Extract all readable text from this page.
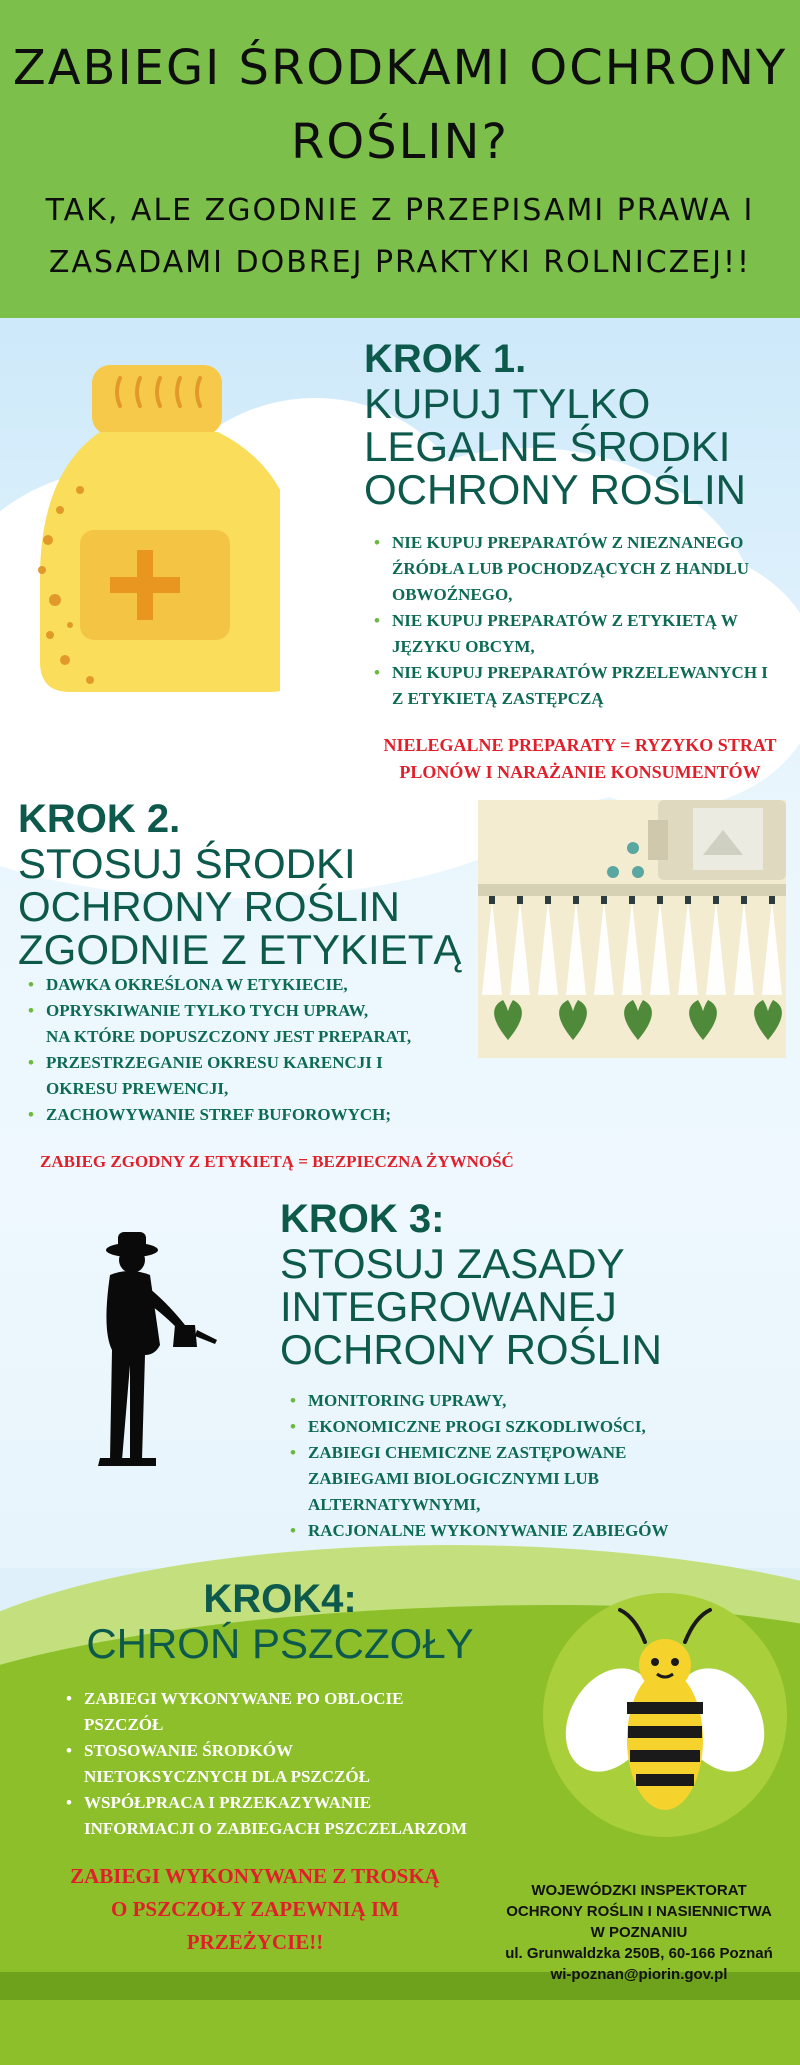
ZABIEGI ŚRODKAMI OCHRONY
ROŚLIN?
TAK, ALE ZGODNIE Z PRZEPISAMI PRAWA I
ZASADAMI DOBREJ PRAKTYKI ROLNICZEJ!!
KROK 1.
KUPUJ TYLKO
LEGALNE ŚRODKI
OCHRONY ROŚLIN
• NIE KUPUJ PREPARATÓW Z NIEZNANEGO
ŹRÓDŁA LUB POCHODZĄCYCH Z HANDLU
OBWOŹNEGO,
• NIE KUPUJ PREPARATÓW Z ETYKIETĄ W
JĘZYKU OBCYM,
• NIE KUPUJ PREPARATÓW PRZELEWANYCH I
Z ETYKIETĄ ZASTĘPCZĄ
NIELEGALNE PREPARATY = RYZYKO STRAT
PLONÓW I NARAŻANIE KONSUMENTÓW
KROK 2.
STOSUJ ŚRODKI
OCHRONY ROŚLIN
ZGODNIE Z ETYKIETĄ
• DAWKA OKREŚLONA W ETYKIECIE,
• OPRYSKIWANIE TYLKO TYCH UPRAW,
NA KTÓRE DOPUSZCZONY JEST PREPARAT,
• PRZESTRZEGANIE OKRESU KARENCJI I
OKRESU PREWENCJI,
• ZACHOWYWANIE STREF BUFOROWYCH;
ZABIEG ZGODNY Z ETYKIETĄ = BEZPIECZNA ŻYWNOŚĆ
KROK 3:
STOSUJ ZASADY
INTEGROWANEJ
OCHRONY ROŚLIN
• MONITORING UPRAWY,
• EKONOMICZNE PROGI SZKODLIWOŚCI,
• ZABIEGI CHEMICZNE ZASTĘPOWANE
ZABIEGAMI BIOLOGICZNYMI LUB
ALTERNATYWNYMI,
• RACJONALNE WYKONYWANIE ZABIEGÓW

KROK4:
CHROŃ PSZCZOŁY
• ZABIEGI WYKONYWANE PO OBLOCIE
PSZCZÓŁ
• STOSOWANIE ŚRODKÓW
NIETOKSYCZNYCH DLA PSZCZÓŁ
• WSPÓŁPRACA I PRZEKAZYWANIE
INFORMACJI O ZABIEGACH PSZCZELARZOM
ZABIEGI WYKONYWANE Z TROSKĄ
O PSZCZOŁY ZAPEWNIĄ IM
PRZEŻYCIE!!
WOJEWÓDZKI INSPEKTORAT
OCHRONY ROŚLIN I NASIENNICTWA
W POZNANIU
ul. Grunwaldzka 250B, 60-166 Poznań
wi-poznan@piorin.gov.pl
